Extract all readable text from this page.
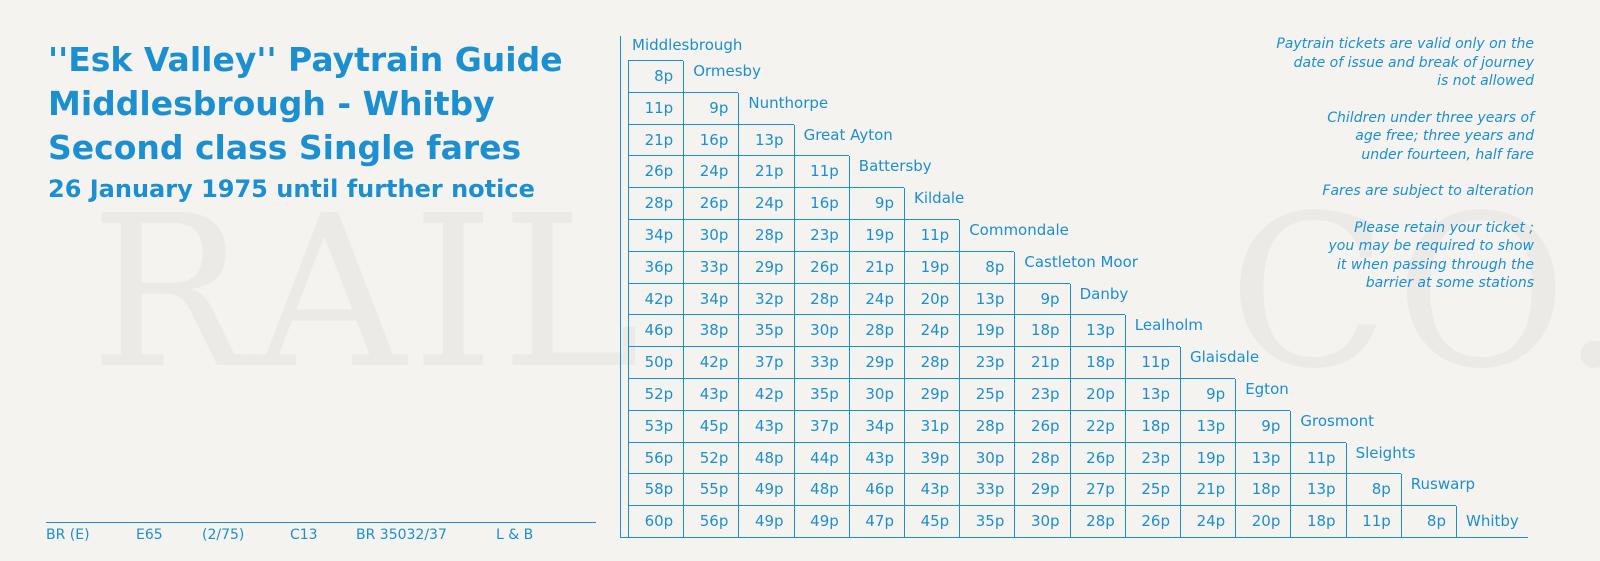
''Esk Valley'' Paytrain Guide
Middlesbrough - Whitby
Second class Single fares
26 January 1975 until further notice
BR (E)	E65	(2/75)	C13	BR 35032/37	L & B

Paytrain tickets are valid only on the
date of issue and break of journey
is not allowed

Children under three years of
age free; three years and
under fourteen, half fare

Fares are subject to alteration

Please retain your ticket ;
you may be required to show
it when passing through the
barrier at some stations

Middlesbrough
8p	Ormesby
11p	9p	Nunthorpe
21p	16p	13p	Great Ayton
26p	24p	21p	11p	Battersby
28p	26p	24p	16p	9p	Kildale
34p	30p	28p	23p	19p	11p	Commondale
36p	33p	29p	26p	21p	19p	8p	Castleton Moor
42p	34p	32p	28p	24p	20p	13p	9p	Danby
46p	38p	35p	30p	28p	24p	19p	18p	13p	Lealholm
50p	42p	37p	33p	29p	28p	23p	21p	18p	11p	Glaisdale
52p	43p	42p	35p	30p	29p	25p	23p	20p	13p	9p	Egton
53p	45p	43p	37p	34p	31p	28p	26p	22p	18p	13p	9p	Grosmont
56p	52p	48p	44p	43p	39p	30p	28p	26p	23p	19p	13p	11p	Sleights
58p	55p	49p	48p	46p	43p	33p	29p	27p	25p	21p	18p	13p	8p	Ruswarp
60p	56p	49p	49p	47p	45p	35p	30p	28p	26p	24p	20p	18p	11p	8p	Whitby
